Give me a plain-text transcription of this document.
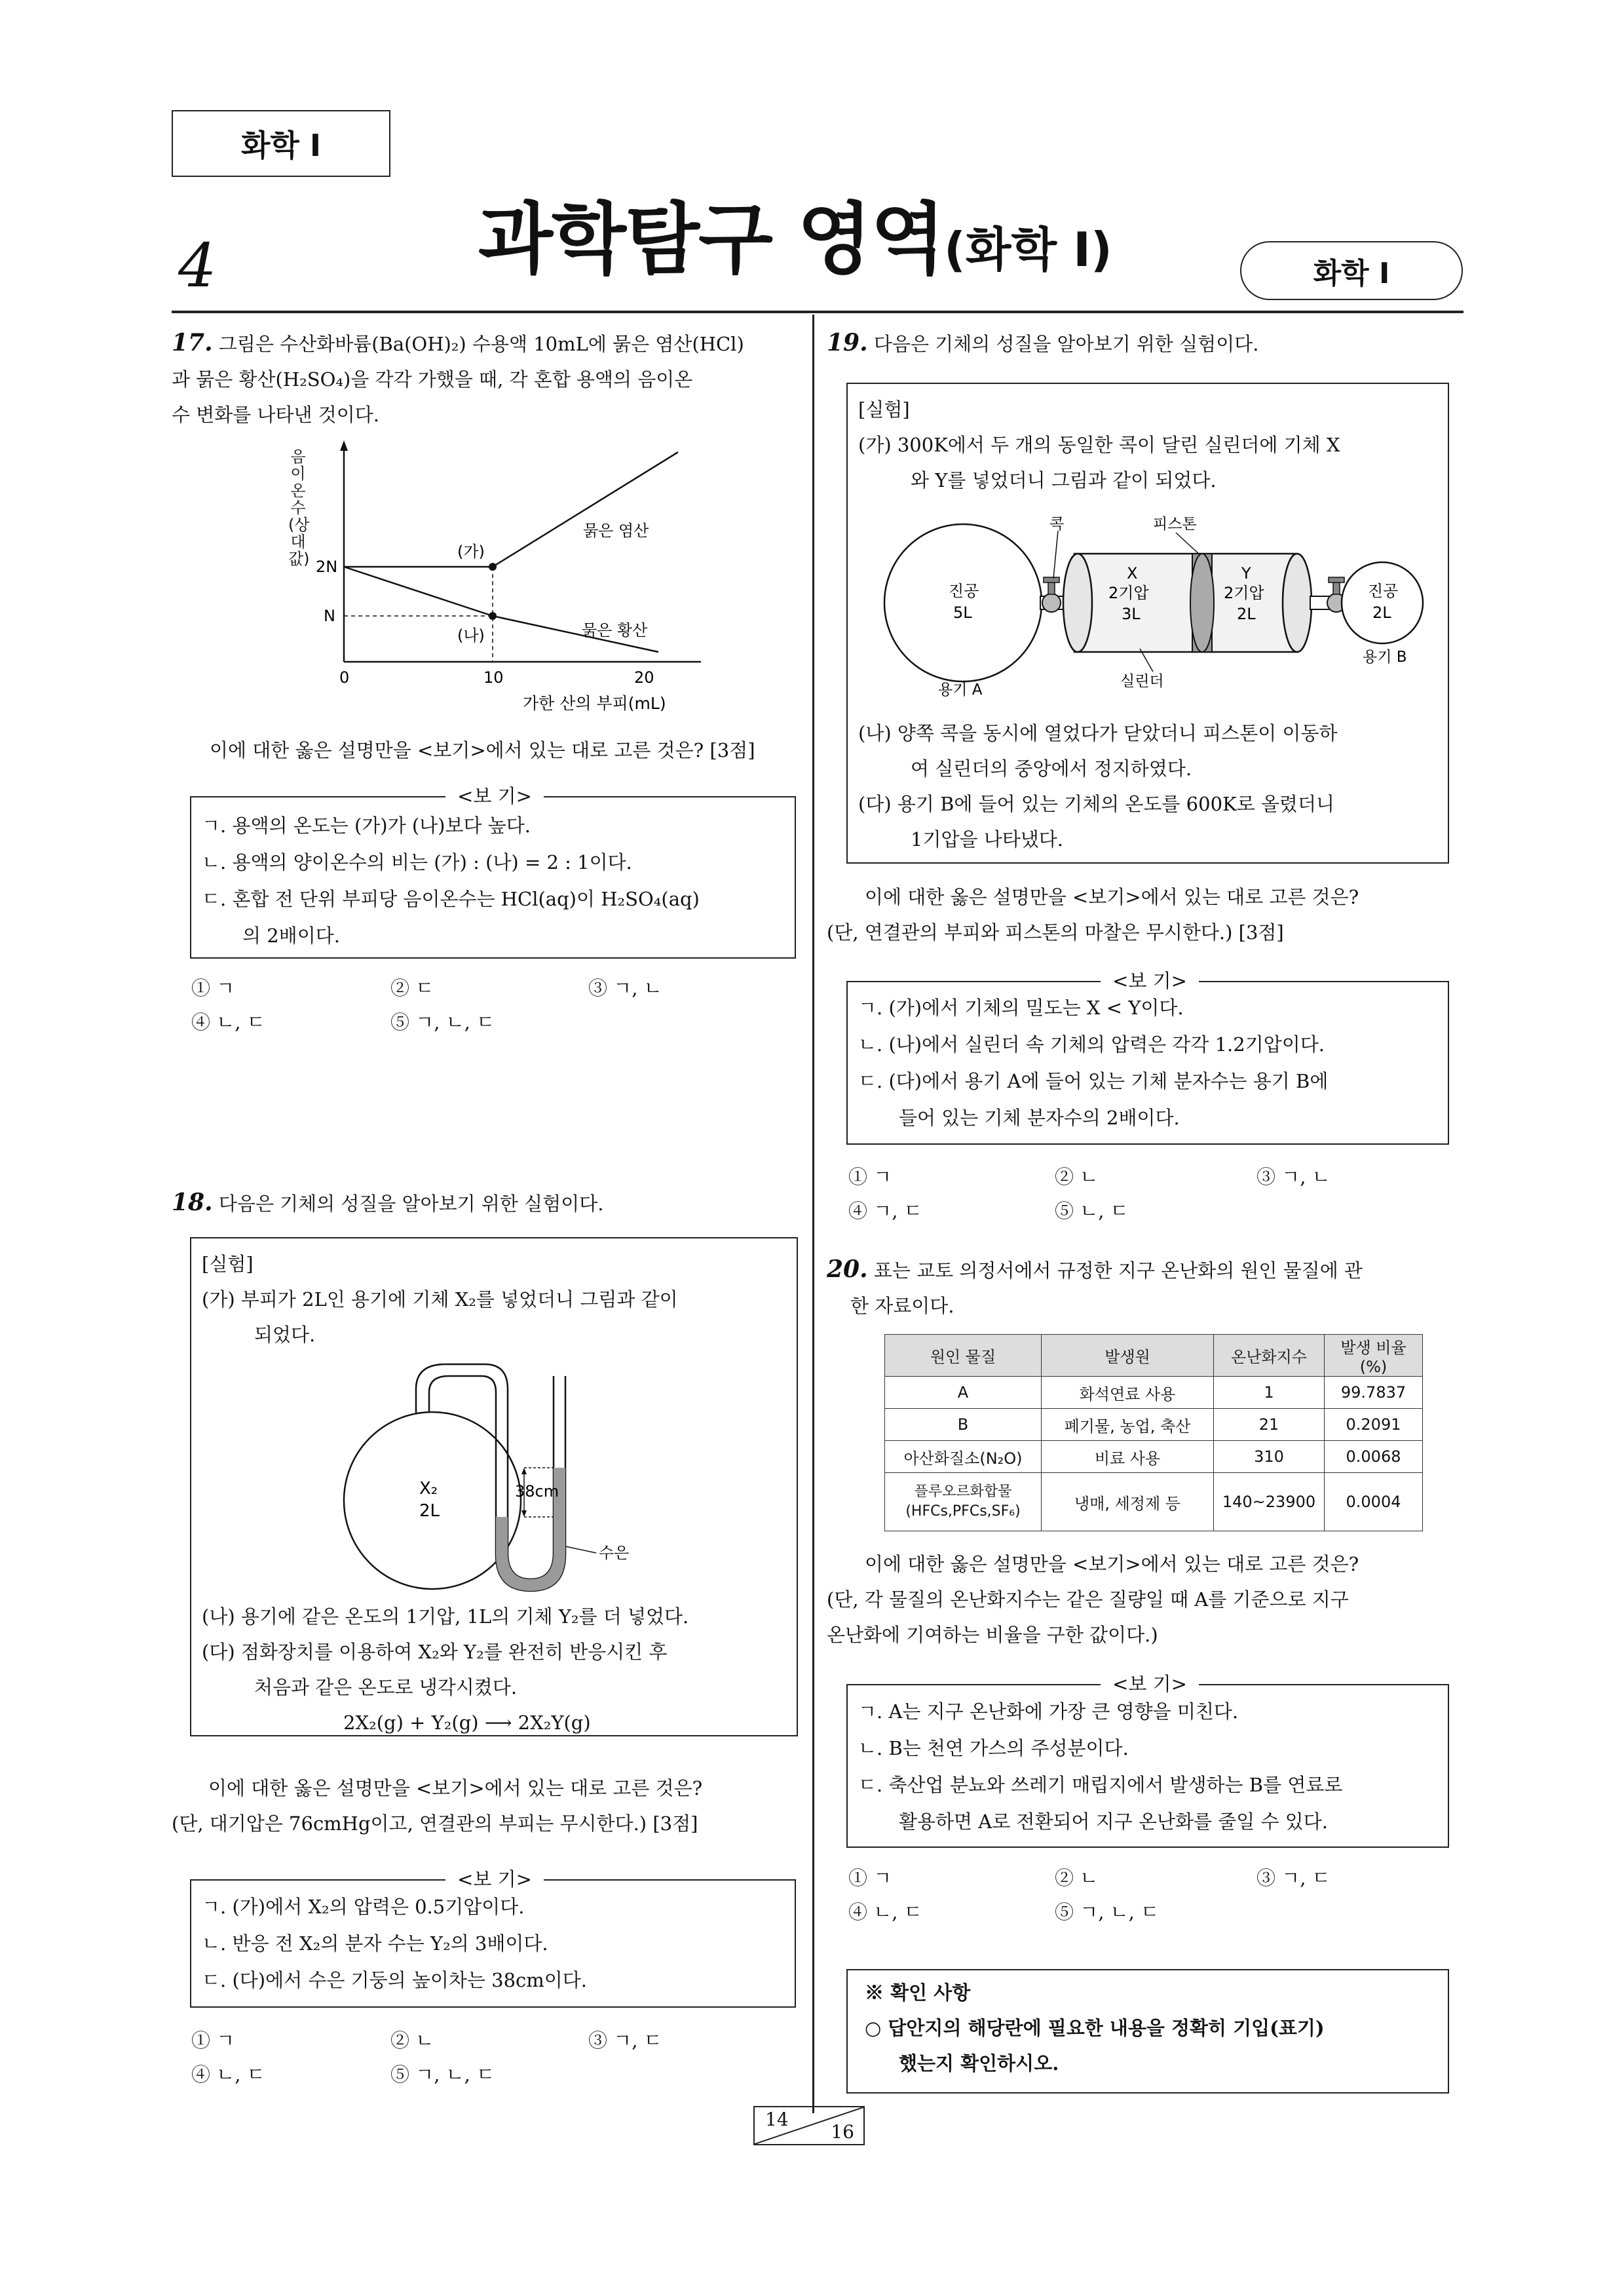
화학 Ⅰ
과학탐구 영역(화학 Ⅰ)
4	화학 Ⅰ
17. 그림은 수산화바륨(Ba(OH)₂) 수용액 10mL에 묽은 염산(HCl)
과 묽은 황산(H₂SO₄)을 각각 가했을 때, 각 혼합 용액의 음이온
수 변화를 나타낸 것이다.
2N
N
0	10	20
(가)
(나)
묽은 염산
묽은 황산
가한 산의 부피(mL)
음이온수(상대값)
이에 대한 옳은 설명만을 <보기>에서 있는 대로 고른 것은? [3점]
<보 기>
ㄱ. 용액의 온도는 (가)가 (나)보다 높다.
ㄴ. 용액의 양이온수의 비는 (가) : (나) = 2 : 1이다.
ㄷ. 혼합 전 단위 부피당 음이온수는 HCl(aq)이 H₂SO₄(aq)
의 2배이다.
① ㄱ	② ㄷ	③ ㄱ, ㄴ
④ ㄴ, ㄷ	⑤ ㄱ, ㄴ, ㄷ
18. 다음은 기체의 성질을 알아보기 위한 실험이다.
[실험]
(가) 부피가 2L인 용기에 기체 X₂를 넣었더니 그림과 같이
되었다.
X₂
2L
38cm
수은
(나) 용기에 같은 온도의 1기압, 1L의 기체 Y₂를 더 넣었다.
(다) 점화장치를 이용하여 X₂와 Y₂를 완전히 반응시킨 후
처음과 같은 온도로 냉각시켰다.
2X₂(g) + Y₂(g) ⟶ 2X₂Y(g)
이에 대한 옳은 설명만을 <보기>에서 있는 대로 고른 것은?
(단, 대기압은 76cmHg이고, 연결관의 부피는 무시한다.) [3점]
<보 기>
ㄱ. (가)에서 X₂의 압력은 0.5기압이다.
ㄴ. 반응 전 X₂의 분자 수는 Y₂의 3배이다.
ㄷ. (다)에서 수은 기둥의 높이차는 38cm이다.
① ㄱ	② ㄴ	③ ㄱ, ㄷ
④ ㄴ, ㄷ	⑤ ㄱ, ㄴ, ㄷ
19. 다음은 기체의 성질을 알아보기 위한 실험이다.
[실험]
(가) 300K에서 두 개의 동일한 콕이 달린 실린더에 기체 X
와 Y를 넣었더니 그림과 같이 되었다.
콕	피스톤
진공
5L
X
2기압
3L
Y
2기압
2L
진공
2L
실린더
용기 A
용기 B
(나) 양쪽 콕을 동시에 열었다가 닫았더니 피스톤이 이동하
여 실린더의 중앙에서 정지하였다.
(다) 용기 B에 들어 있는 기체의 온도를 600K로 올렸더니
1기압을 나타냈다.
이에 대한 옳은 설명만을 <보기>에서 있는 대로 고른 것은?
(단, 연결관의 부피와 피스톤의 마찰은 무시한다.) [3점]
<보 기>
ㄱ. (가)에서 기체의 밀도는 X < Y이다.
ㄴ. (나)에서 실린더 속 기체의 압력은 각각 1.2기압이다.
ㄷ. (다)에서 용기 A에 들어 있는 기체 분자수는 용기 B에
들어 있는 기체 분자수의 2배이다.
① ㄱ	② ㄴ	③ ㄱ, ㄴ
④ ㄱ, ㄷ	⑤ ㄴ, ㄷ
20. 표는 교토 의정서에서 규정한 지구 온난화의 원인 물질에 관
한 자료이다.
원인 물질	발생원	온난화지수	발생 비율(%)
A	화석연료 사용	1	99.7837
B	폐기물, 농업, 축산	21	0.2091
아산화질소(N₂O)	비료 사용	310	0.0068
플루오르화합물 (HFCs,PFCs,SF₆)	냉매, 세정제 등	140~23900	0.0004
이에 대한 옳은 설명만을 <보기>에서 있는 대로 고른 것은?
(단, 각 물질의 온난화지수는 같은 질량일 때 A를 기준으로 지구
온난화에 기여하는 비율을 구한 값이다.)
<보 기>
ㄱ. A는 지구 온난화에 가장 큰 영향을 미친다.
ㄴ. B는 천연 가스의 주성분이다.
ㄷ. 축산업 분뇨와 쓰레기 매립지에서 발생하는 B를 연료로
활용하면 A로 전환되어 지구 온난화를 줄일 수 있다.
① ㄱ	② ㄴ	③ ㄱ, ㄷ
④ ㄴ, ㄷ	⑤ ㄱ, ㄴ, ㄷ
※ 확인 사항
○ 답안지의 해당란에 필요한 내용을 정확히 기입(표기)
했는지 확인하시오.
14
16
